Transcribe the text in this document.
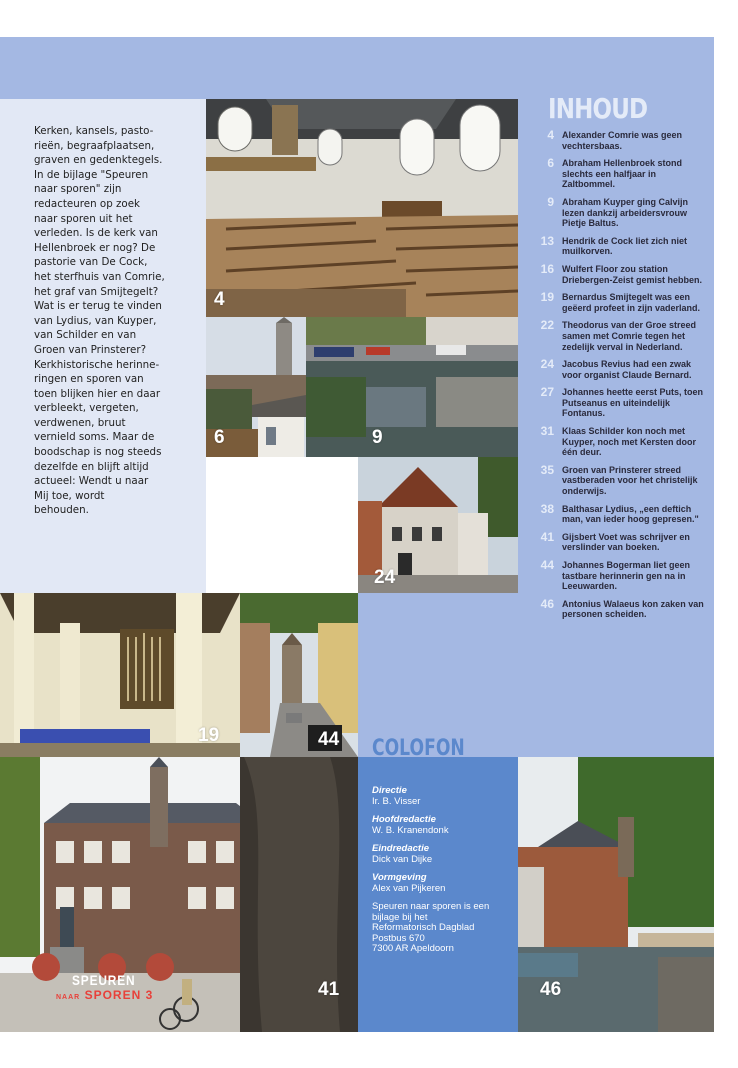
Kerken, kansels, pasto-
rieën, begraafplaatsen,
graven en gedenktegels.
In de bijlage "Speuren
naar sporen" zijn
redacteuren op zoek
naar sporen uit het
verleden. Is de kerk van
Hellenbroek er nog? De
pastorie van De Cock,
het sterfhuis van Comrie,
het graf van Smijtegelt?
Wat is er terug te vinden
van Lydius, van Kuyper,
van Schilder en van
Groen van Prinsterer?
Kerkhistorische herinne-
ringen en sporen van
toen blijken hier en daar
verbleekt, vergeten,
verdwenen, bruut
vernield soms. Maar de
boodschap is nog steeds
dezelfde en blijft altijd
actueel: Wendt u naar
Mij toe, wordt
behouden.
4
6	9
24
19	44
41
SPEUREN
NAAR SPOREN 3	46
INHOUD
4 Alexander Comrie was geen vechtersbaas.
6 Abraham Hellenbroek stond slechts een halfjaar in Zaltbommel.
9 Abraham Kuyper ging Calvijn lezen dankzij arbeidersvrouw Pietje Baltus.
13 Hendrik de Cock liet zich niet muilkorven.
16 Wulfert Floor zou station Driebergen-Zeist gemist hebben.
19 Bernardus Smijtegelt was een geëerd profeet in zijn vaderland.
22 Theodorus van der Groe streed samen met Comrie tegen het zedelijk verval in Nederland.
24 Jacobus Revius had een zwak voor organist Claude Bernard.
27 Johannes heette eerst Puts, toen Putseanus en uiteindelijk Fontanus.
31 Klaas Schilder kon noch met Kuyper, noch met Kersten door één deur.
35 Groen van Prinsterer streed vastberaden voor het christelijk onderwijs.
38 Balthasar Lydius, „een deftich man, van ieder hoog gepresen."
41 Gijsbert Voet was schrijver en verslinder van boeken.
44 Johannes Bogerman liet geen tastbare herinnerin gen na in Leeuwarden.
46 Antonius Walaeus kon zaken van personen scheiden.
COLOFON
Directie
Ir. B. Visser
Hoofdredactie
W. B. Kranendonk
Eindredactie
Dick van Dijke
Vormgeving
Alex van Pijkeren
Speuren naar sporen is een
bijlage bij het
Reformatorisch Dagblad
Postbus 670
7300 AR Apeldoorn
